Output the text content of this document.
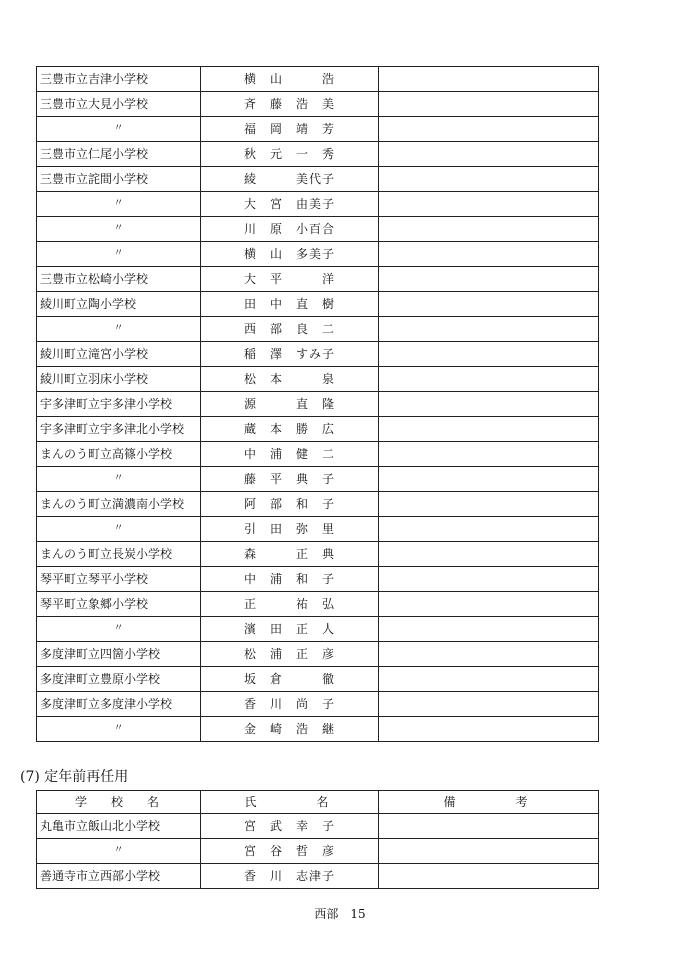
三豊市立吉津小学校	横　山　　　浩	
三豊市立大見小学校	斉　藤　浩　美	
〃	福　岡　靖　芳	
三豊市立仁尾小学校	秋　元　一　秀	
三豊市立詫間小学校	綾　　　美代子	
〃	大　宮　由美子	
〃	川　原　小百合	
〃	横　山　多美子	
三豊市立松崎小学校	大　平　　　洋	
綾川町立陶小学校	田　中　直　樹	
〃	西　部　良　二	
綾川町立滝宮小学校	稲　澤　すみ子	
綾川町立羽床小学校	松　本　　　泉	
宇多津町立宇多津小学校	源　　　直　隆	
宇多津町立宇多津北小学校	蔵　本　勝　広	
まんのう町立高篠小学校	中　浦　健　二	
〃	藤　平　典　子	
まんのう町立満濃南小学校	阿　部　和　子	
〃	引　田　弥　里	
まんのう町立長炭小学校	森　　　正　典	
琴平町立琴平小学校	中　浦　和　子	
琴平町立象郷小学校	正　　　祐　弘	
〃	濱　田　正　人	
多度津町立四箇小学校	松　浦　正　彦	
多度津町立豊原小学校	坂　倉　　　徹	
多度津町立多度津小学校	香　川　尚　子	
〃	金　崎　浩　継	
(7) 定年前再任用
学　校　名	氏　　　名	備　　　考
丸亀市立飯山北小学校	宮　武　幸　子	
〃	宮　谷　哲　彦	
善通寺市立西部小学校	香　川　志津子	
西部　15
